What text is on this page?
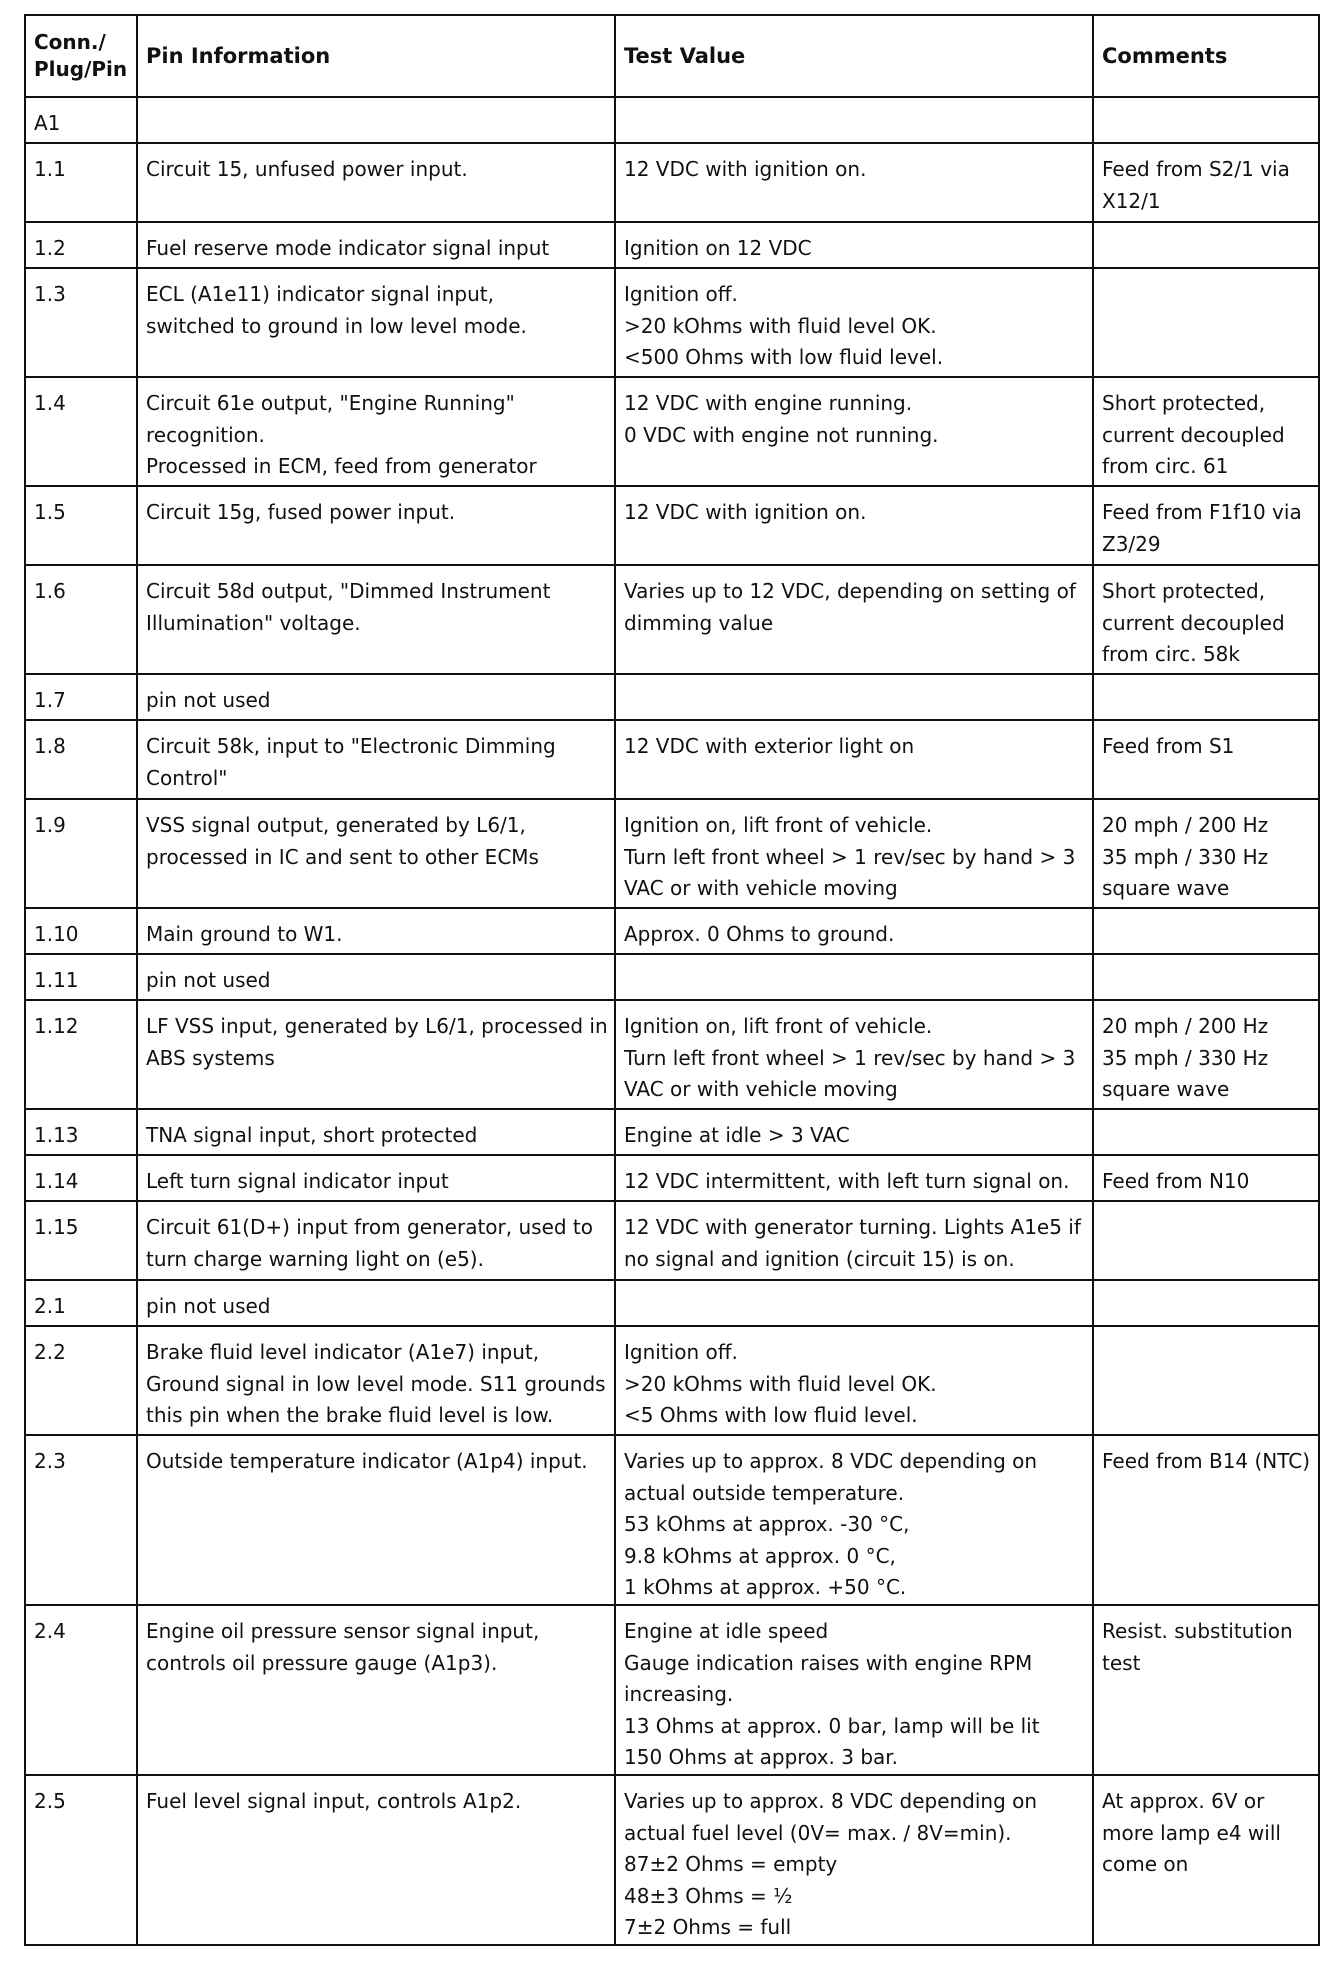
Conn./ Plug/Pin	Pin Information	Test Value	Comments

A1			

1.1	Circuit 15, unfused power input.	12 VDC with ignition on.	Feed from S2/1 via
X12/1

1.2	Fuel reserve mode indicator signal input	Ignition on 12 VDC	

1.3	ECL (A1e11) indicator signal input,
switched to ground in low level mode.	Ignition off.
>20 kOhms with fluid level OK.
<500 Ohms with low fluid level.	

1.4	Circuit 61e output, "Engine Running"
recognition.
Processed in ECM, feed from generator	12 VDC with engine running.
0 VDC with engine not running.	Short protected,
current decoupled
from circ. 61

1.5	Circuit 15g, fused power input.	12 VDC with ignition on.	Feed from F1f10 via
Z3/29

1.6	Circuit 58d output, "Dimmed Instrument
Illumination" voltage.	Varies up to 12 VDC, depending on setting of
dimming value	Short protected,
current decoupled
from circ. 58k

1.7	pin not used		

1.8	Circuit 58k, input to "Electronic Dimming
Control"	12 VDC with exterior light on	Feed from S1

1.9	VSS signal output, generated by L6/1,
processed in IC and sent to other ECMs	Ignition on, lift front of vehicle.
Turn left front wheel > 1 rev/sec by hand > 3
VAC or with vehicle moving	20 mph / 200 Hz
35 mph / 330 Hz
square wave

1.10	Main ground to W1.	Approx. 0 Ohms to ground.	

1.11	pin not used		

1.12	LF VSS input, generated by L6/1, processed in
ABS systems	Ignition on, lift front of vehicle.
Turn left front wheel > 1 rev/sec by hand > 3
VAC or with vehicle moving	20 mph / 200 Hz
35 mph / 330 Hz
square wave

1.13	TNA signal input, short protected	Engine at idle > 3 VAC	

1.14	Left turn signal indicator input	12 VDC intermittent, with left turn signal on.	Feed from N10

1.15	Circuit 61(D+) input from generator, used to
turn charge warning light on (e5).	12 VDC with generator turning. Lights A1e5 if
no signal and ignition (circuit 15) is on.	

2.1	pin not used		

2.2	Brake fluid level indicator (A1e7) input,
Ground signal in low level mode. S11 grounds
this pin when the brake fluid level is low.	Ignition off.
>20 kOhms with fluid level OK.
<5 Ohms with low fluid level.	

2.3	Outside temperature indicator (A1p4) input.	Varies up to approx. 8 VDC depending on
actual outside temperature.
53 kOhms at approx. -30 °C,
9.8 kOhms at approx. 0 °C,
1 kOhms at approx. +50 °C.	Feed from B14 (NTC)

2.4	Engine oil pressure sensor signal input,
controls oil pressure gauge (A1p3).	Engine at idle speed
Gauge indication raises with engine RPM
increasing.
13 Ohms at approx. 0 bar, lamp will be lit
150 Ohms at approx. 3 bar.	Resist. substitution
test

2.5	Fuel level signal input, controls A1p2.	Varies up to approx. 8 VDC depending on
actual fuel level (0V= max. / 8V=min).
87±2 Ohms = empty
48±3 Ohms = ½
7±2 Ohms = full	At approx. 6V or
more lamp e4 will
come on
